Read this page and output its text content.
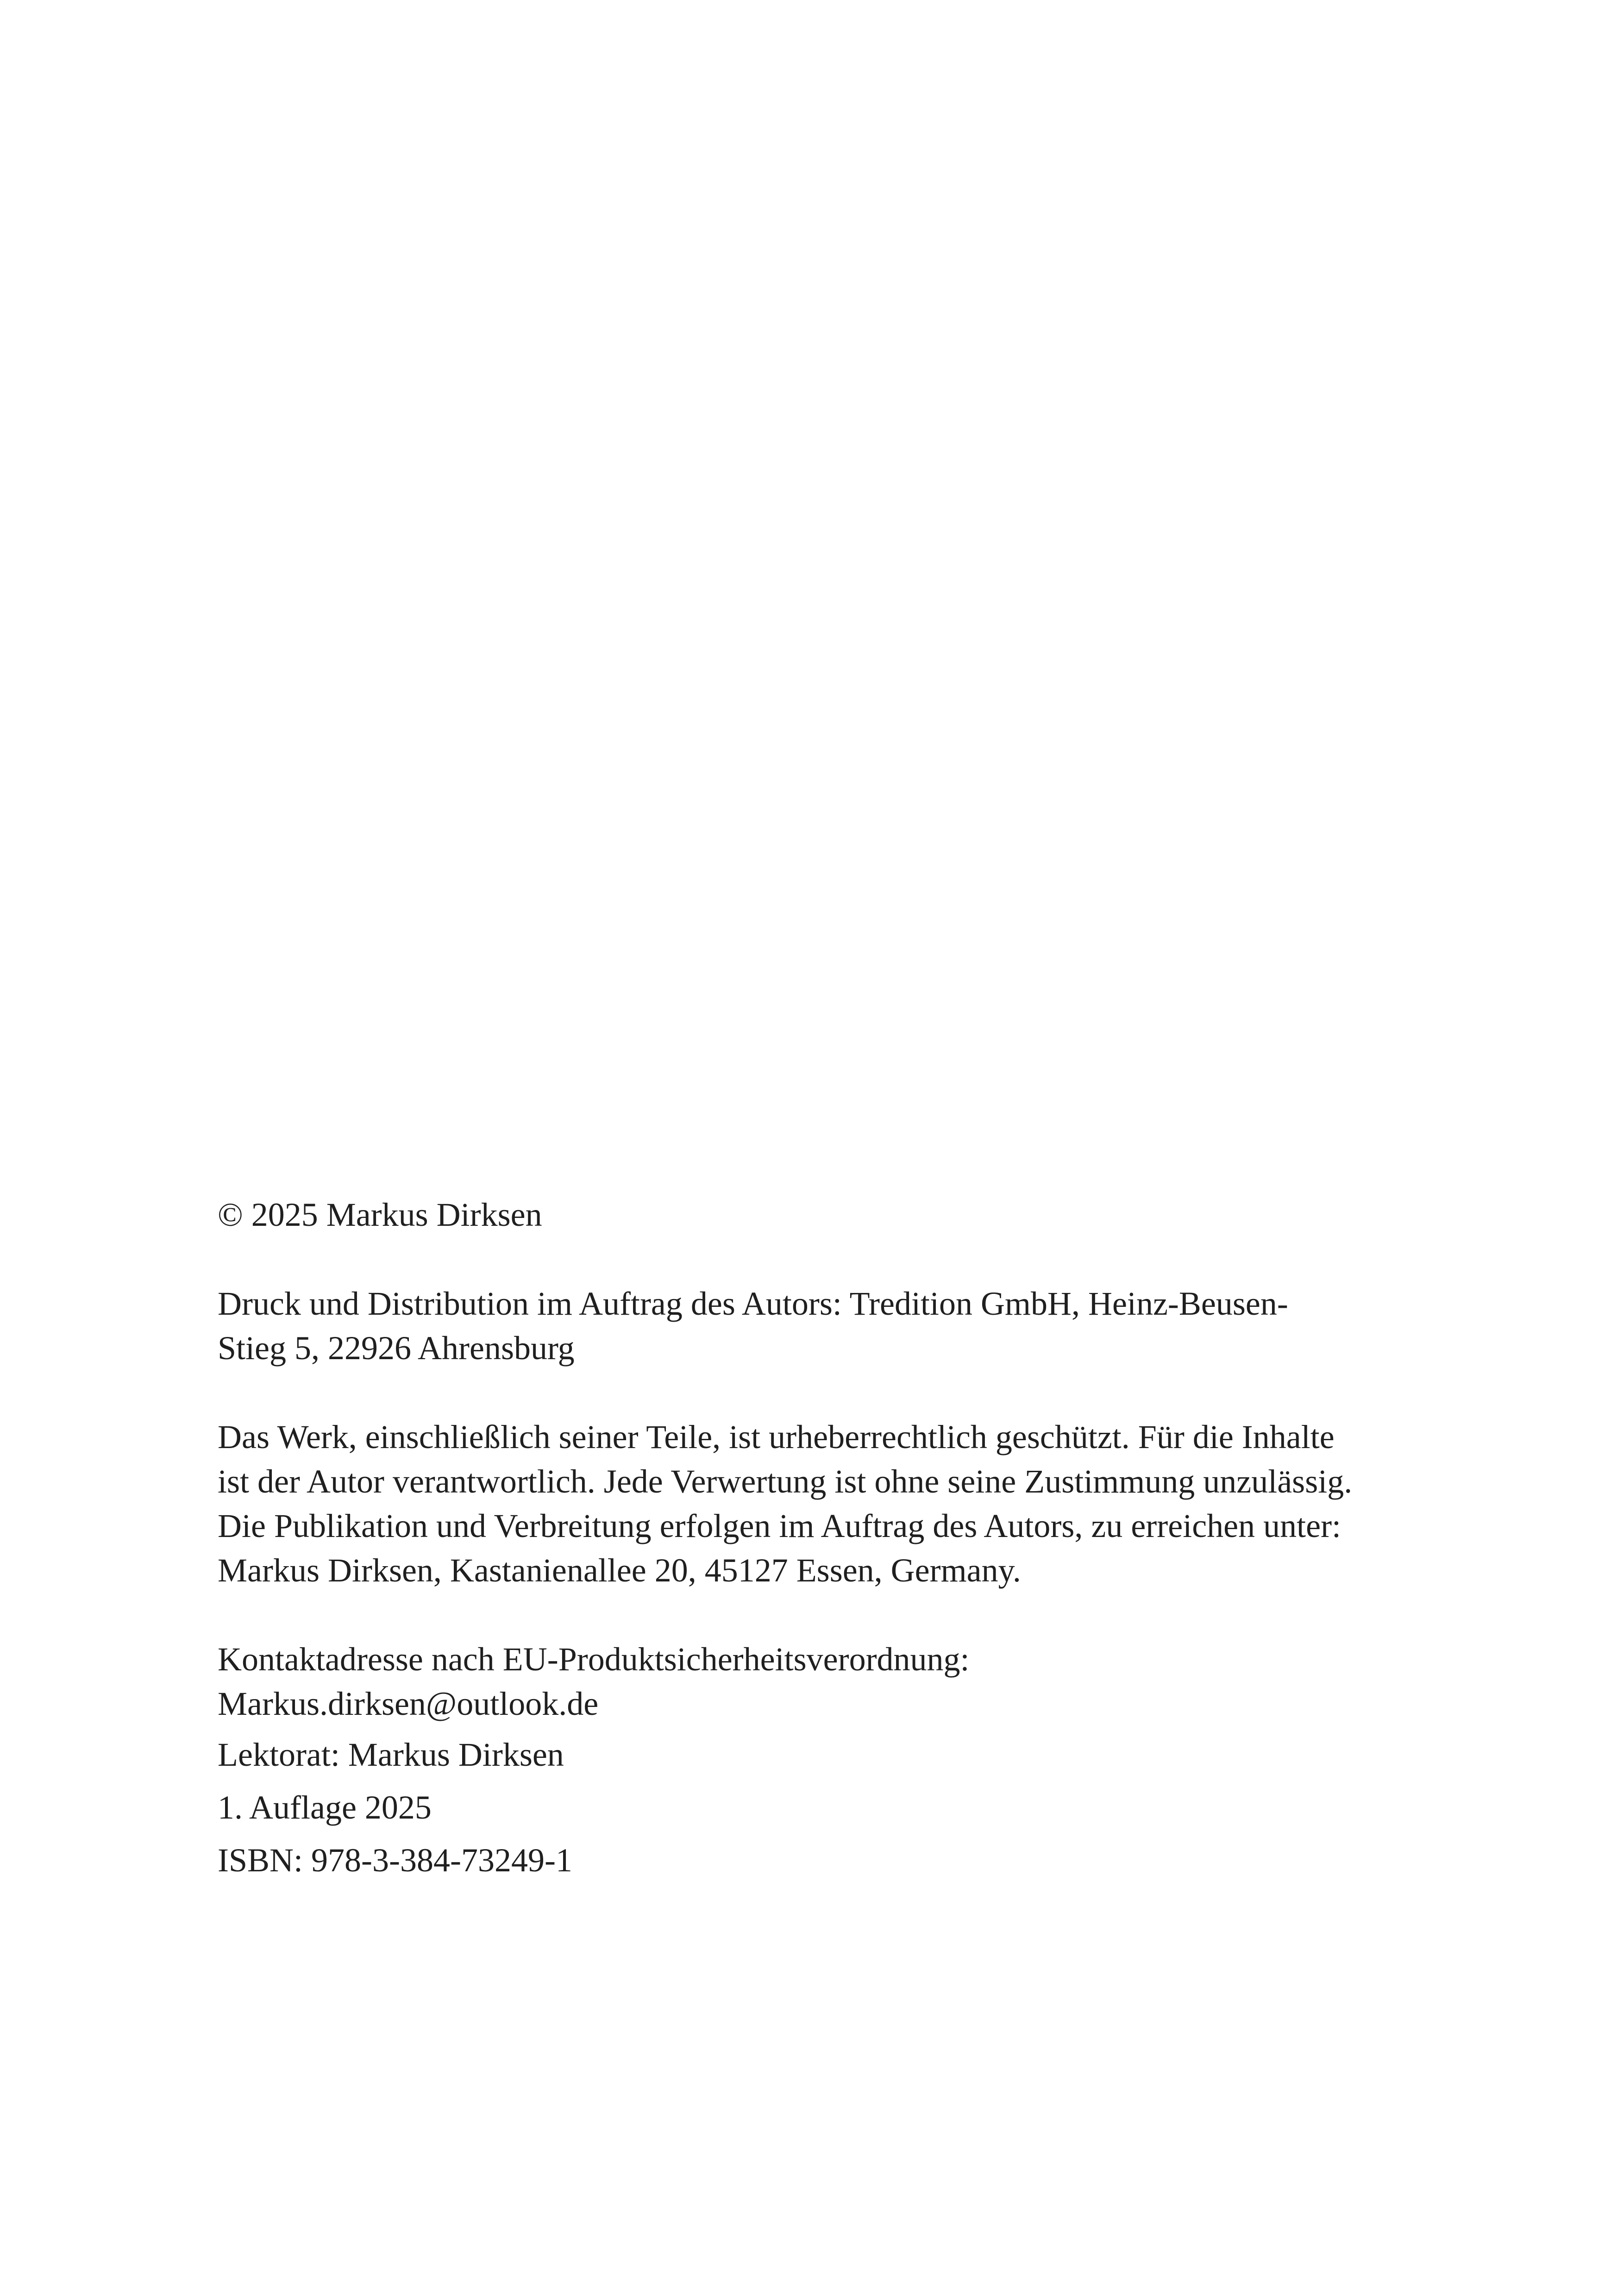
© 2025 Markus Dirksen

Druck und Distribution im Auftrag des Autors: Tredition GmbH, Heinz-Beusen-
Stieg 5, 22926 Ahrensburg

Das Werk, einschließlich seiner Teile, ist urheberrechtlich geschützt. Für die Inhalte
ist der Autor verantwortlich. Jede Verwertung ist ohne seine Zustimmung unzulässig.
Die Publikation und Verbreitung erfolgen im Auftrag des Autors, zu erreichen unter:
Markus Dirksen, Kastanienallee 20, 45127 Essen, Germany.

Kontaktadresse nach EU-Produktsicherheitsverordnung:
Markus.dirksen@outlook.de

Lektorat: Markus Dirksen
1. Auflage 2025
ISBN: 978-3-384-73249-1
